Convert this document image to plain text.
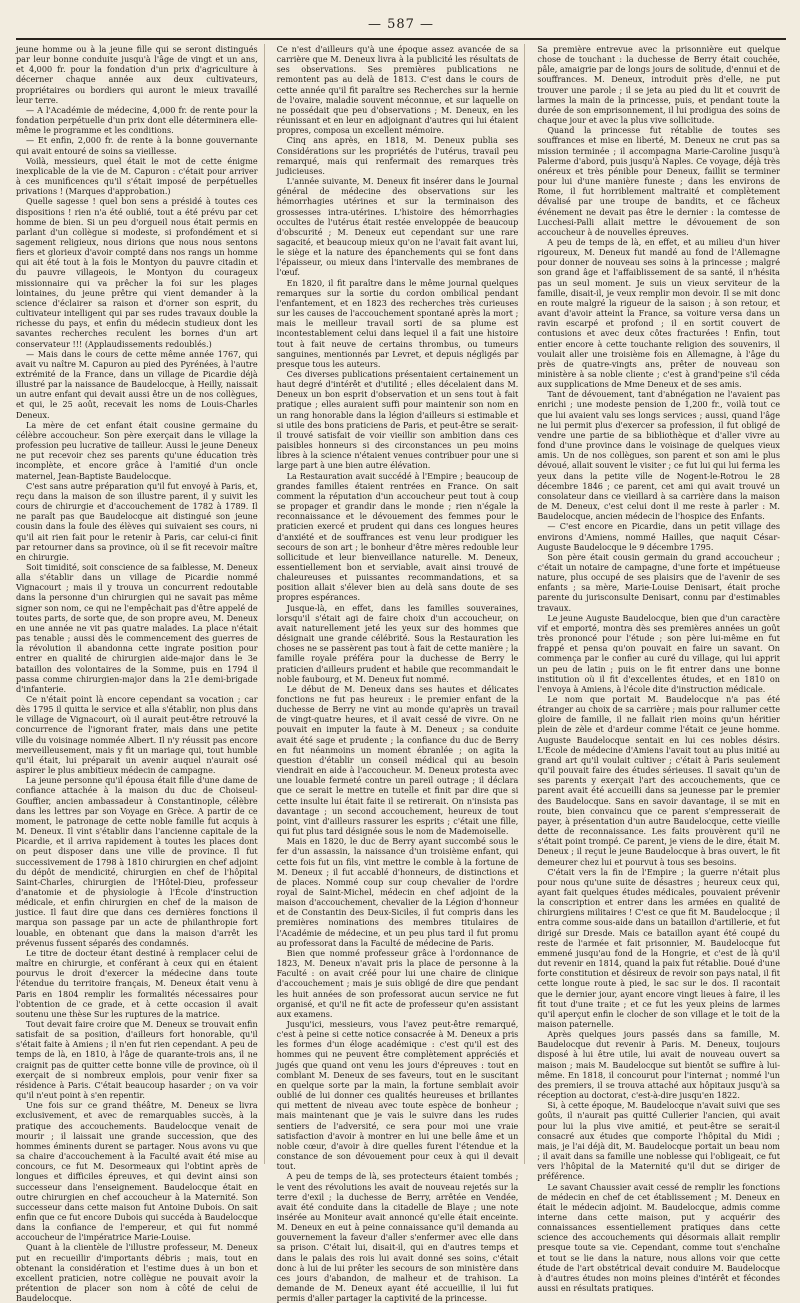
— 587 —

jeune homme ou à la jeune fille qui se seront distingués par leur bonne conduite jusqu'à l'âge de vingt et un ans, et 4,000 fr. pour la fondation d'un prix d'agriculture à décerner chaque année aux deux cultivateurs, propriétaires ou bordiers qui auront le mieux travaillé leur terre.

— A l'Académie de médecine, 4,000 fr. de rente pour la fondation perpétuelle d'un prix dont elle déterminera elle-même le programme et les conditions.

— Et enfin, 2,000 fr. de rente à la bonne gouvernante qui avait entouré de soins sa vieillesse.

Voilà, messieurs, quel était le mot de cette énigme inexplicable de la vie de M. Capuron : c'était pour arriver à ces munificences qu'il s'était imposé de perpétuelles privations ! (Marques d'approbation.)

Quelle sagesse ! quel bon sens a présidé à toutes ces dispositions ! rien n'a été oublié, tout a été prévu par cet homme de bien. Si un peu d'orgueil nous était permis en parlant d'un collègue si modeste, si profondément et si sagement religieux, nous dirions que nous nous sentons fiers et glorieux d'avoir compté dans nos rangs un homme qui ait été tout à la fois le Montyon du pauvre citadin et du pauvre villageois, le Montyon du courageux missionnaire qui va prêcher la foi sur les plages lointaines, du jeune prêtre qui vient demander à la science d'éclairer sa raison et d'orner son esprit, du cultivateur intelligent qui par ses rudes travaux double la richesse du pays, et enfin du médecin studieux dont les savantes recherches reculent les bornes d'un art conservateur !!! (Applaudissements redoublés.)

— Mais dans le cours de cette même année 1767, qui avait vu naître M. Capuron au pied des Pyrénées, à l'autre extrémité de la France, dans un village de Picardie déjà illustré par la naissance de Baudelocque, à Heilly, naissait un autre enfant qui devait aussi être un de nos collègues, et qui, le 25 août, recevait les noms de Louis-Charles Deneux.

La mère de cet enfant était cousine germaine du célèbre accoucheur. Son père exerçait dans le village la profession peu lucrative de tailleur. Aussi le jeune Deneux ne put recevoir chez ses parents qu'une éducation très incomplète, et encore grâce à l'amitié d'un oncle maternel, Jean-Baptiste Baudelocque.

C'est sans autre préparation qu'il fut envoyé à Paris, et, reçu dans la maison de son illustre parent, il y suivit les cours de chirurgie et d'accouchement de 1782 à 1789. Il ne paraît pas que Baudelocque ait distingué son jeune cousin dans la foule des élèves qui suivaient ses cours, ni qu'il ait rien fait pour le retenir à Paris, car celui-ci finit par retourner dans sa province, où il se fit recevoir maître en chirurgie.

Soit timidité, soit conscience de sa faiblesse, M. Deneux alla s'établir dans un village de Picardie nommé Vignacourt ; mais il y trouva un concurrent redoutable dans la personne d'un chirurgien qui ne savait pas même signer son nom, ce qui ne l'empêchait pas d'être appelé de toutes parts, de sorte que, de son propre aveu, M. Deneux en une année ne vit pas quatre malades. La place n'était pas tenable ; aussi dès le commencement des guerres de la révolution il abandonna cette ingrate position pour entrer en qualité de chirurgien aide-major dans le 3e bataillon des volontaires de la Somme, puis en 1794 il passa comme chirurgien-major dans la 21e demi-brigade d'infanterie.

Ce n'était point là encore cependant sa vocation ; car dès 1795 il quitta le service et alla s'établir, non plus dans le village de Vignacourt, où il aurait peut-être retrouvé la concurrence de l'ignorant frater, mais dans une petite ville du voisinage nommée Albert. Il n'y réussit pas encore merveilleusement, mais y fit un mariage qui, tout humble qu'il était, lui préparait un avenir auquel n'aurait osé aspirer le plus ambitieux médecin de campagne.

La jeune personne qu'il épousa était fille d'une dame de confiance attachée à la maison du duc de Choiseul-Gouffier, ancien ambassadeur à Constantinople, célèbre dans les lettres par son Voyage en Grèce. A partir de ce moment, le patronage de cette noble famille fut acquis à M. Deneux. Il vint s'établir dans l'ancienne capitale de la Picardie, et il arriva rapidement à toutes les places dont on peut disposer dans une ville de province. Il fut successivement de 1798 à 1810 chirurgien en chef adjoint du dépôt de mendicité, chirurgien en chef de l'hôpital Saint-Charles, chirurgien de l'Hôtel-Dieu, professeur d'anatomie et de physiologie à l'École d'instruction médicale, et enfin chirurgien en chef de la maison de justice. Il faut dire que dans ces dernières fonctions il marqua son passage par un acte de philanthropie fort louable, en obtenant que dans la maison d'arrêt les prévenus fussent séparés des condamnés.

Le titre de docteur étant destiné à remplacer celui de maître en chirurgie, et conférant à ceux qui en étaient pourvus le droit d'exercer la médecine dans toute l'étendue du territoire français, M. Deneux était venu à Paris en 1804 remplir les formalités nécessaires pour l'obtention de ce grade, et à cette occasion il avait soutenu une thèse Sur les ruptures de la matrice.

Tout devait faire croire que M. Deneux se trouvait enfin satisfait de sa position, d'ailleurs fort honorable, qu'il s'était faite à Amiens ; il n'en fut rien cependant. A peu de temps de là, en 1810, à l'âge de quarante-trois ans, il ne craignit pas de quitter cette bonne ville de province, où il exerçait de si nombreux emplois, pour venir fixer sa résidence à Paris. C'était beaucoup hasarder ; on va voir qu'il n'eut point à s'en repentir.

Une fois sur ce grand théâtre, M. Deneux se livra exclusivement, et avec de remarquables succès, à la pratique des accouchements. Baudelocque venait de mourir ; il laissait une grande succession, que des hommes éminents durent se partager. Nous avons vu que sa chaire d'accouchement à la Faculté avait été mise au concours, ce fut M. Desormeaux qui l'obtint après de longues et difficiles épreuves, et qui devint ainsi son successeur dans l'enseignement. Baudelocque était en outre chirurgien en chef accoucheur à la Maternité. Son successeur dans cette maison fut Antoine Dubois. On sait enfin que ce fut encore Dubois qui succéda à Baudelocque dans la confiance de l'empereur, et qui fut nommé accoucheur de l'impératrice Marie-Louise.

Quant à la clientèle de l'illustre professeur, M. Deneux put en recueillir d'importants débris ; mais, tout en obtenant la considération et l'estime dues à un bon et excellent praticien, notre collègue ne pouvait avoir la prétention de placer son nom à côté de celui de Baudelocque.

Ce n'est d'ailleurs qu'à une époque assez avancée de sa carrière que M. Deneux livra à la publicité les résultats de ses observations. Ses premières publications ne remontent pas au delà de 1813. C'est dans le cours de cette année qu'il fit paraître ses Recherches sur la hernie de l'ovaire, maladie souvent méconnue, et sur laquelle on ne possédait que peu d'observations ; M. Deneux, en les réunissant et en leur en adjoignant d'autres qui lui étaient propres, composa un excellent mémoire.

Cinq ans après, en 1818, M. Deneux publia ses Considérations sur les propriétés de l'utérus, travail peu remarqué, mais qui renfermait des remarques très judicieuses.

L'année suivante, M. Deneux fit insérer dans le Journal général de médecine des observations sur les hémorrhagies utérines et sur la terminaison des grossesses intra-utérines. L'histoire des hémorrhagies occultes de l'utérus était restée enveloppée de beaucoup d'obscurité ; M. Deneux eut cependant sur une rare sagacité, et beaucoup mieux qu'on ne l'avait fait avant lui, le siège et la nature des épanchements qui se font dans l'épaisseur, ou mieux dans l'intervalle des membranes de l'œuf.

En 1820, il fit paraître dans le même journal quelques remarques sur la sortie du cordon ombilical pendant l'enfantement, et en 1823 des recherches très curieuses sur les causes de l'accouchement spontané après la mort ; mais le meilleur travail sorti de sa plume est incontestablement celui dans lequel il a fait une histoire tout à fait neuve de certains thrombus, ou tumeurs sanguines, mentionnés par Levret, et depuis négligés par presque tous les auteurs.

Ces diverses publications présentaient certainement un haut degré d'intérêt et d'utilité ; elles décelaient dans M. Deneux un bon esprit d'observation et un sens tout à fait pratique ; elles auraient suffi pour maintenir son nom en un rang honorable dans la légion d'ailleurs si estimable et si utile des bons praticiens de Paris, et peut-être se serait-il trouvé satisfait de voir vieillir son ambition dans ces paisibles honneurs si des circonstances un peu moins libres à la science n'étaient venues contribuer pour une si large part à une bien autre élévation.

La Restauration avait succédé à l'Empire ; beaucoup de grandes familles étaient rentrées en France. On sait comment la réputation d'un accoucheur peut tout à coup se propager et grandir dans le monde ; rien n'égale la reconnaissance et le dévouement des femmes pour le praticien exercé et prudent qui dans ces longues heures d'anxiété et de souffrances est venu leur prodiguer les secours de son art ; le bonheur d'être mères redouble leur sollicitude et leur bienveillance naturelle. M. Deneux, essentiellement bon et serviable, avait ainsi trouvé de chaleureuses et puissantes recommandations, et sa position allait s'élever bien au delà sans doute de ses propres espérances.

Jusque-là, en effet, dans les familles souveraines, lorsqu'il s'était agi de faire choix d'un accoucheur, on avait naturellement jeté les yeux sur des hommes que désignait une grande célébrité. Sous la Restauration les choses ne se passèrent pas tout à fait de cette manière ; la famille royale préféra pour la duchesse de Berry le praticien d'ailleurs prudent et habile que recommandait le noble faubourg, et M. Deneux fut nommé.

Le début de M. Deneux dans ses hautes et délicates fonctions ne fut pas heureux : le premier enfant de la duchesse de Berry ne vint au monde qu'après un travail de vingt-quatre heures, et il avait cessé de vivre. On ne pouvait en imputer la faute à M. Deneux ; sa conduite avait été sage et prudente ; la confiance du duc de Berry en fut néanmoins un moment ébranlée ; on agita la question d'établir un conseil médical qui au besoin viendrait en aide à l'accoucheur. M. Deneux protesta avec une louable fermeté contre un pareil outrage ; il déclara que ce serait le mettre en tutelle et finit par dire que si cette insulte lui était faite il se retirerait. On n'insista pas davantage ; un second accouchement, heureux de tout point, vint d'ailleurs rassurer les esprits ; c'était une fille, qui fut plus tard désignée sous le nom de Mademoiselle.

Mais en 1820, le duc de Berry ayant succombé sous le fer d'un assassin, la naissance d'un troisième enfant, qui cette fois fut un fils, vint mettre le comble à la fortune de M. Deneux ; il fut accablé d'honneurs, de distinctions et de places. Nommé coup sur coup chevalier de l'ordre royal de Saint-Michel, médecin en chef adjoint de la maison d'accouchement, chevalier de la Légion d'honneur et de Constantin des Deux-Siciles, il fut compris dans les premières nominations des membres titulaires de l'Académie de médecine, et un peu plus tard il fut promu au professorat dans la Faculté de médecine de Paris.

Bien que nommé professeur grâce à l'ordonnance de 1823, M. Deneux n'avait pris la place de personne à la Faculté : on avait créé pour lui une chaire de clinique d'accouchement ; mais je suis obligé de dire que pendant les huit années de son professorat aucun service ne fut organisé, et qu'il ne fit acte de professeur qu'en assistant aux examens.

Jusqu'ici, messieurs, vous l'avez peut-être remarqué, c'est à peine si cette notice consacrée à M. Deneux a pris les formes d'un éloge académique : c'est qu'il est des hommes qui ne peuvent être complètement appréciés et jugés que quand ont venu les jours d'épreuves : tout en comblant M. Deneux de ses faveurs, tout en le suscitant en quelque sorte par la main, la fortune semblait avoir oublié de lui donner ces qualités heureuses et brillantes qui mettent de niveau avec toute espèce de bonheur ; mais maintenant que je vais le suivre dans les rudes sentiers de l'adversité, ce sera pour moi une vraie satisfaction d'avoir à montrer en lui une belle âme et un noble cœur, d'avoir à dire quelles furent l'étendue et la constance de son dévouement pour ceux à qui il devait tout.

A peu de temps de là, ses protecteurs étaient tombés ; le vent des révolutions les avait de nouveau rejetés sur la terre d'exil ; la duchesse de Berry, arrêtée en Vendée, avait été conduite dans la citadelle de Blaye ; une note insérée au Moniteur avait annoncé qu'elle était enceinte. M. Deneux en eut à peine connaissance qu'il demanda au gouvernement la faveur d'aller s'enfermer avec elle dans sa prison. C'était lui, disait-il, qui en d'autres temps et dans le palais des rois lui avait donné ses soins, c'était donc à lui de lui prêter les secours de son ministère dans ces jours d'abandon, de malheur et de trahison. La demande de M. Deneux ayant été accueillie, il lui fut permis d'aller partager la captivité de la princesse.

Sa première entrevue avec la prisonnière eut quelque chose de touchant : la duchesse de Berry était couchée, pâle, amaigrie par de longs jours de solitude, d'ennui et de souffrances. M. Deneux, introduit près d'elle, ne put trouver une parole ; il se jeta au pied du lit et couvrit de larmes la main de la princesse, puis, et pendant toute la durée de son emprisonnement, il lui prodigua des soins de chaque jour et avec la plus vive sollicitude.

Quand la princesse fut rétablie de toutes ses souffrances et mise en liberté, M. Deneux ne crut pas sa mission terminée ; il accompagna Marie-Caroline jusqu'à Palerme d'abord, puis jusqu'à Naples. Ce voyage, déjà très onéreux et très pénible pour Deneux, faillit se terminer pour lui d'une manière funeste ; dans les environs de Rome, il fut horriblement maltraité et complètement dévalisé par une troupe de bandits, et ce fâcheux événement ne devait pas être le dernier : la comtesse de Lucchesi-Palli allait mettre le dévouement de son accoucheur à de nouvelles épreuves.

A peu de temps de là, en effet, et au milieu d'un hiver rigoureux, M. Deneux fut mandé au fond de l'Allemagne pour donner de nouveau ses soins à la princesse ; malgré son grand âge et l'affaiblissement de sa santé, il n'hésita pas un seul moment. Je suis un vieux serviteur de la famille, disait-il, je veux remplir mon devoir. Il se mit donc en route malgré la rigueur de la saison ; à son retour, et avant d'avoir atteint la France, sa voiture versa dans un ravin escarpé et profond ; il en sortit couvert de contusions et avec deux côtes fracturées ! Enfin, tout entier encore à cette touchante religion des souvenirs, il voulait aller une troisième fois en Allemagne, à l'âge du près de quatre-vingts ans, prêter de nouveau son ministère à sa noble cliente ; c'est à grand'peine s'il céda aux supplications de Mme Deneux et de ses amis.

Tant de dévouement, tant d'abnégation ne l'avaient pas enrichi ; une modeste pension de 1,200 fr., voilà tout ce que lui avaient valu ses longs services ; aussi, quand l'âge ne lui permit plus d'exercer sa profession, il fut obligé de vendre une partie de sa bibliothèque et d'aller vivre au fond d'une province dans le voisinage de quelques vieux amis. Un de nos collègues, son parent et son ami le plus dévoué, allait souvent le visiter ; ce fut lui qui lui ferma les yeux dans la petite ville de Nogent-le-Rotrou le 28 décembre 1846 ; ce parent, cet ami qui avait trouvé un consolateur dans ce vieillard à sa carrière dans la maison de M. Deneux, c'est celui dont il me reste à parler : M. Baudelocque, ancien médecin de l'hospice des Enfants.

— C'est encore en Picardie, dans un petit village des environs d'Amiens, nommé Hailles, que naquit César-Auguste Baudelocque le 9 décembre 1795.

Son père était cousin germain du grand accoucheur ; c'était un notaire de campagne, d'une forte et impétueuse nature, plus occupé de ses plaisirs que de l'avenir de ses enfants ; sa mère, Marie-Louise Denisart, était proche parente du jurisconsulte Denisart, connu par d'estimables travaux.

Le jeune Auguste Baudelocque, bien que d'un caractère vif et emporté, montra dès ses premières années un goût très prononcé pour l'étude ; son père lui-même en fut frappé et pensa qu'on pouvait en faire un savant. On commença par le confier au curé du village, qui lui apprit un peu de latin ; puis on le fit entrer dans une bonne institution où il fit d'excellentes études, et en 1810 on l'envoya à Amiens, à l'école dite d'instruction médicale.

Le nom que portait M. Baudelocque n'a pas été étranger au choix de sa carrière ; mais pour rallumer cette gloire de famille, il ne fallait rien moins qu'un héritier plein de zèle et d'ardeur comme l'était ce jeune homme. Auguste Baudelocque sentait en lui ces nobles désirs. L'École de médecine d'Amiens l'avait tout au plus initié au grand art qu'il voulait cultiver ; c'était à Paris seulement qu'il pouvait faire des études sérieuses. Il savait qu'un de ses parents y exerçait l'art des accouchements, que ce parent avait été accueilli dans sa jeunesse par le premier des Baudelocque. Sans en savoir davantage, il se mit en route, bien convaincu que ce parent s'empresserait de payer, à présentation d'un autre Baudelocque, cette vieille dette de reconnaissance. Les faits prouvèrent qu'il ne s'était point trompé. Ce parent, je viens de le dire, était M. Deneux ; il reçut le jeune Baudelocque à bras ouvert, le fit demeurer chez lui et pourvut à tous ses besoins.

C'était vers la fin de l'Empire ; la guerre n'était plus pour nous qu'une suite de désastres ; heureux ceux qui, ayant fait quelques études médicales, pouvaient prévenir la conscription et entrer dans les armées en qualité de chirurgiens militaires ! C'est ce que fit M. Baudelocque ; il entra comme sous-aide dans un bataillon d'artillerie, et fut dirigé sur Dresde. Mais ce bataillon ayant été coupé du reste de l'armée et fait prisonnier, M. Baudelocque fut emmené jusqu'au fond de la Hongrie, et c'est de là qu'il dut revenir en 1814, quand la paix fut rétablie. Doué d'une forte constitution et désireux de revoir son pays natal, il fit cette longue route à pied, le sac sur le dos. Il racontait que le dernier jour, ayant encore vingt lieues à faire, il les fit tout d'une traite ; et ce fut les yeux pleins de larmes qu'il aperçut enfin le clocher de son village et le toit de la maison paternelle.

Après quelques jours passés dans sa famille, M. Baudelocque dut revenir à Paris. M. Deneux, toujours disposé à lui être utile, lui avait de nouveau ouvert sa maison ; mais M. Baudelocque sut bientôt se suffire à lui-même. En 1818, il concourut pour l'internat ; nommé l'un des premiers, il se trouva attaché aux hôpitaux jusqu'à sa réception au doctorat, c'est-à-dire jusqu'en 1822.

Si, à cette époque, M. Baudelocque n'avait suivi que ses goûts, il n'aurait pas quitté Cullerier l'ancien, qui avait pour lui la plus vive amitié, et peut-être se serait-il consacré aux études que comporte l'hôpital du Midi ; mais, je l'ai déjà dit, M. Baudelocque portait un beau nom ; il avait dans sa famille une noblesse qui l'obligeait, ce fut vers l'hôpital de la Maternité qu'il dut se diriger de préférence.

Le savant Chaussier avait cessé de remplir les fonctions de médecin en chef de cet établissement ; M. Deneux en était le médecin adjoint. M. Baudelocque, admis comme interne dans cette maison, put y acquérir des connaissances essentiellement pratiques dans cette science des accouchements qui désormais allait remplir presque toute sa vie. Cependant, comme tout s'enchaîne et tout se lie dans la nature, nous allons voir que cette étude de l'art obstétrical devait conduire M. Baudelocque à d'autres études non moins pleines d'intérêt et fécondes aussi en résultats pratiques.
